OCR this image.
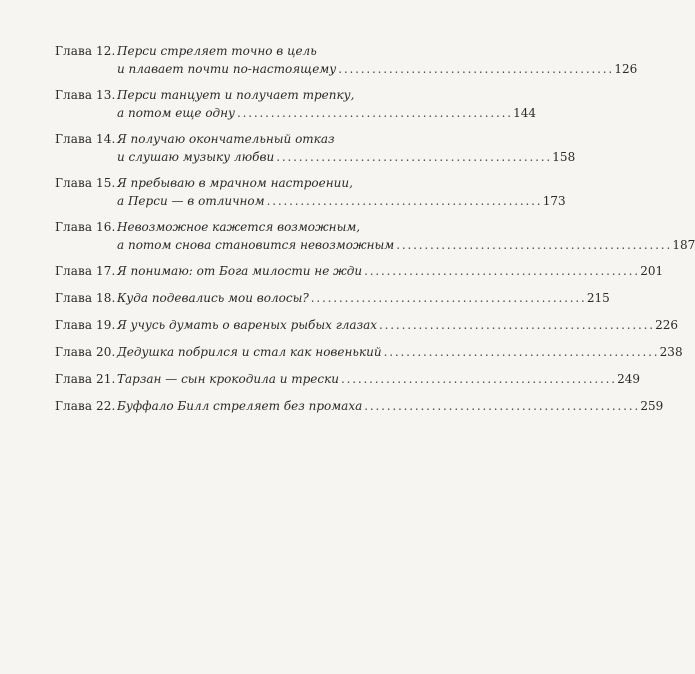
Глава 12. Перси стреляет точно в цель
и плавает почти по-настоящему . . .	126
Глава 13. Перси танцует и получает трепку,
а потом еще одну . . .	144
Глава 14. Я получаю окончательный отказ
и слушаю музыку любви . . .	158
Глава 15. Я пребываю в мрачном настроении,
а Перси — в отличном . . .	173
Глава 16. Невозможное кажется возможным,
а потом снова становится невозможным . . .	187
Глава 17. Я понимаю: от Бога милости не жди . . .	201
Глава 18. Куда подевались мои волосы? . . .	215
Глава 19. Я учусь думать о вареных рыбых глазах . . .	226
Глава 20. Дедушка побрился и стал как новенький . . .	238
Глава 21. Тарзан — сын крокодила и трески . . .	249
Глава 22. Буффало Билл стреляет без промаха . . .	259
